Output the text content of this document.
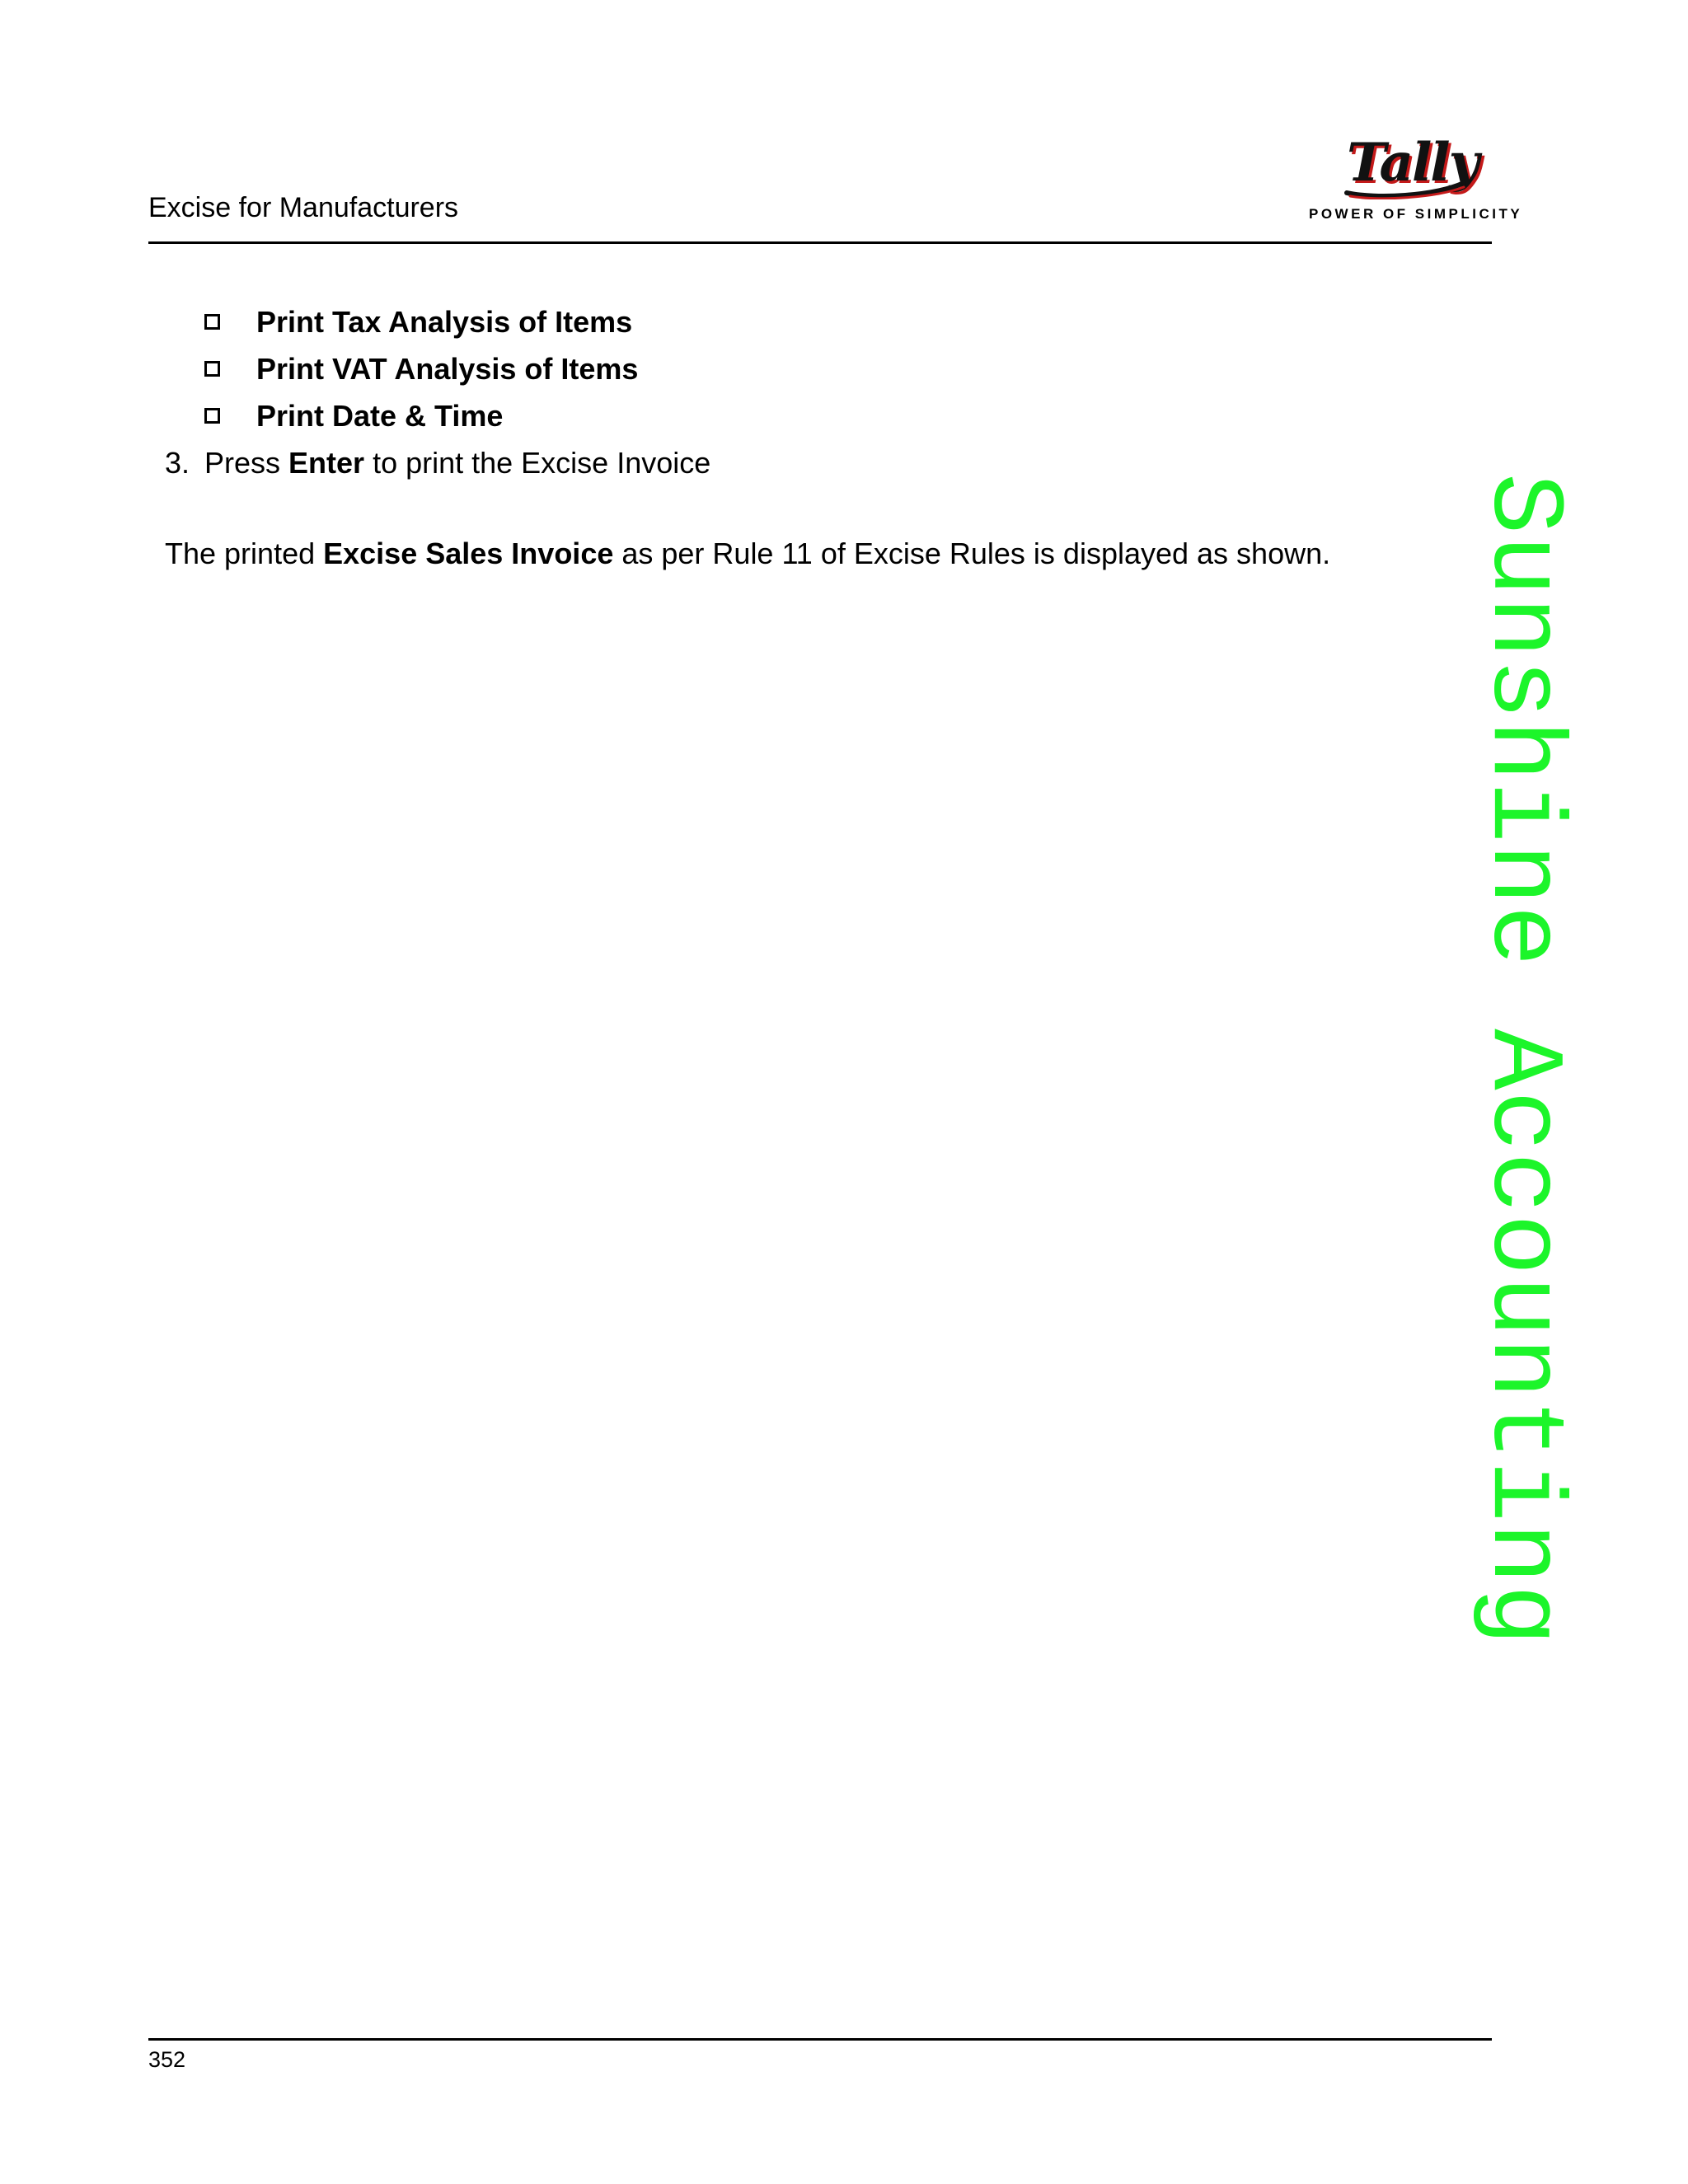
Excise for Manufacturers
Tally
POWER OF SIMPLICITY
Print Tax Analysis of Items
Print VAT Analysis of Items
Print Date & Time
3. Press Enter to print the Excise Invoice
The printed Excise Sales Invoice as per Rule 11 of Excise Rules is displayed as shown. Sunshine Accounting
352
